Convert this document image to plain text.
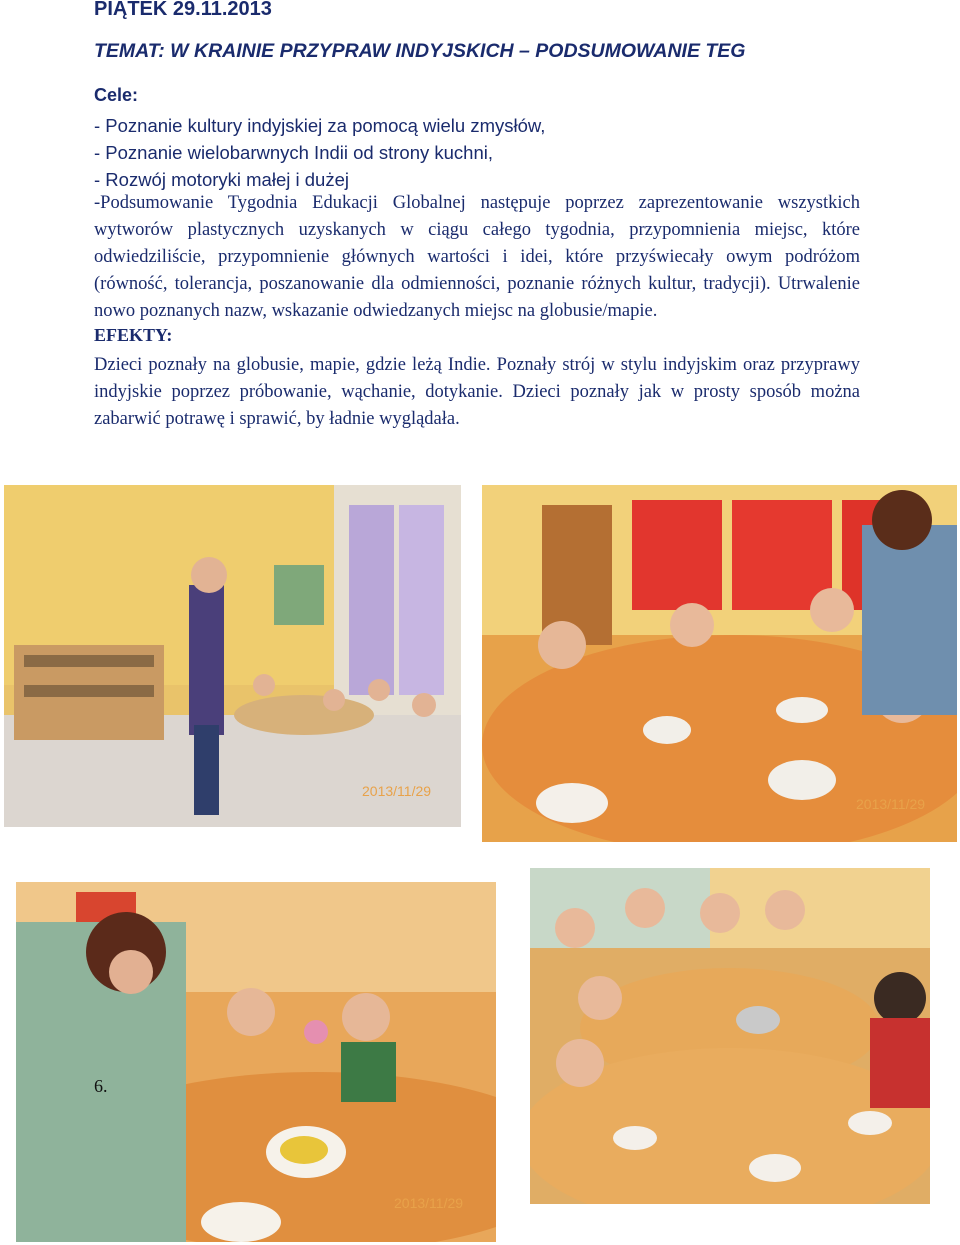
PIĄTEK 29.11.2013

TEMAT: W KRAINIE PRZYPRAW INDYJSKICH – PODSUMOWANIE TEG

Cele:

- Poznanie kultury indyjskiej za pomocą wielu zmysłów,
- Poznanie wielobarwnych Indii od strony kuchni,
- Rozwój motoryki małej i dużej

-Podsumowanie Tygodnia Edukacji Globalnej następuje poprzez zaprezentowanie wszystkich wytworów plastycznych uzyskanych w ciągu całego tygodnia, przypomnienia miejsc, które odwiedziliście, przypomnienie głównych wartości i idei, które przyświecały owym podróżom (równość, tolerancja, poszanowanie dla odmienności, poznanie różnych kultur, tradycji). Utrwalenie nowo poznanych nazw, wskazanie odwiedzanych miejsc na globusie/mapie.

EFEKTY:

Dzieci poznały na globusie, mapie, gdzie leżą Indie. Poznały strój w stylu indyjskim oraz przyprawy indyjskie poprzez próbowanie, wąchanie, dotykanie. Dzieci poznały jak w prosty sposób można zabarwić potrawę i sprawić, by ładnie wyglądała.

2013/11/29
2013/11/29
2013/11/29

6.
